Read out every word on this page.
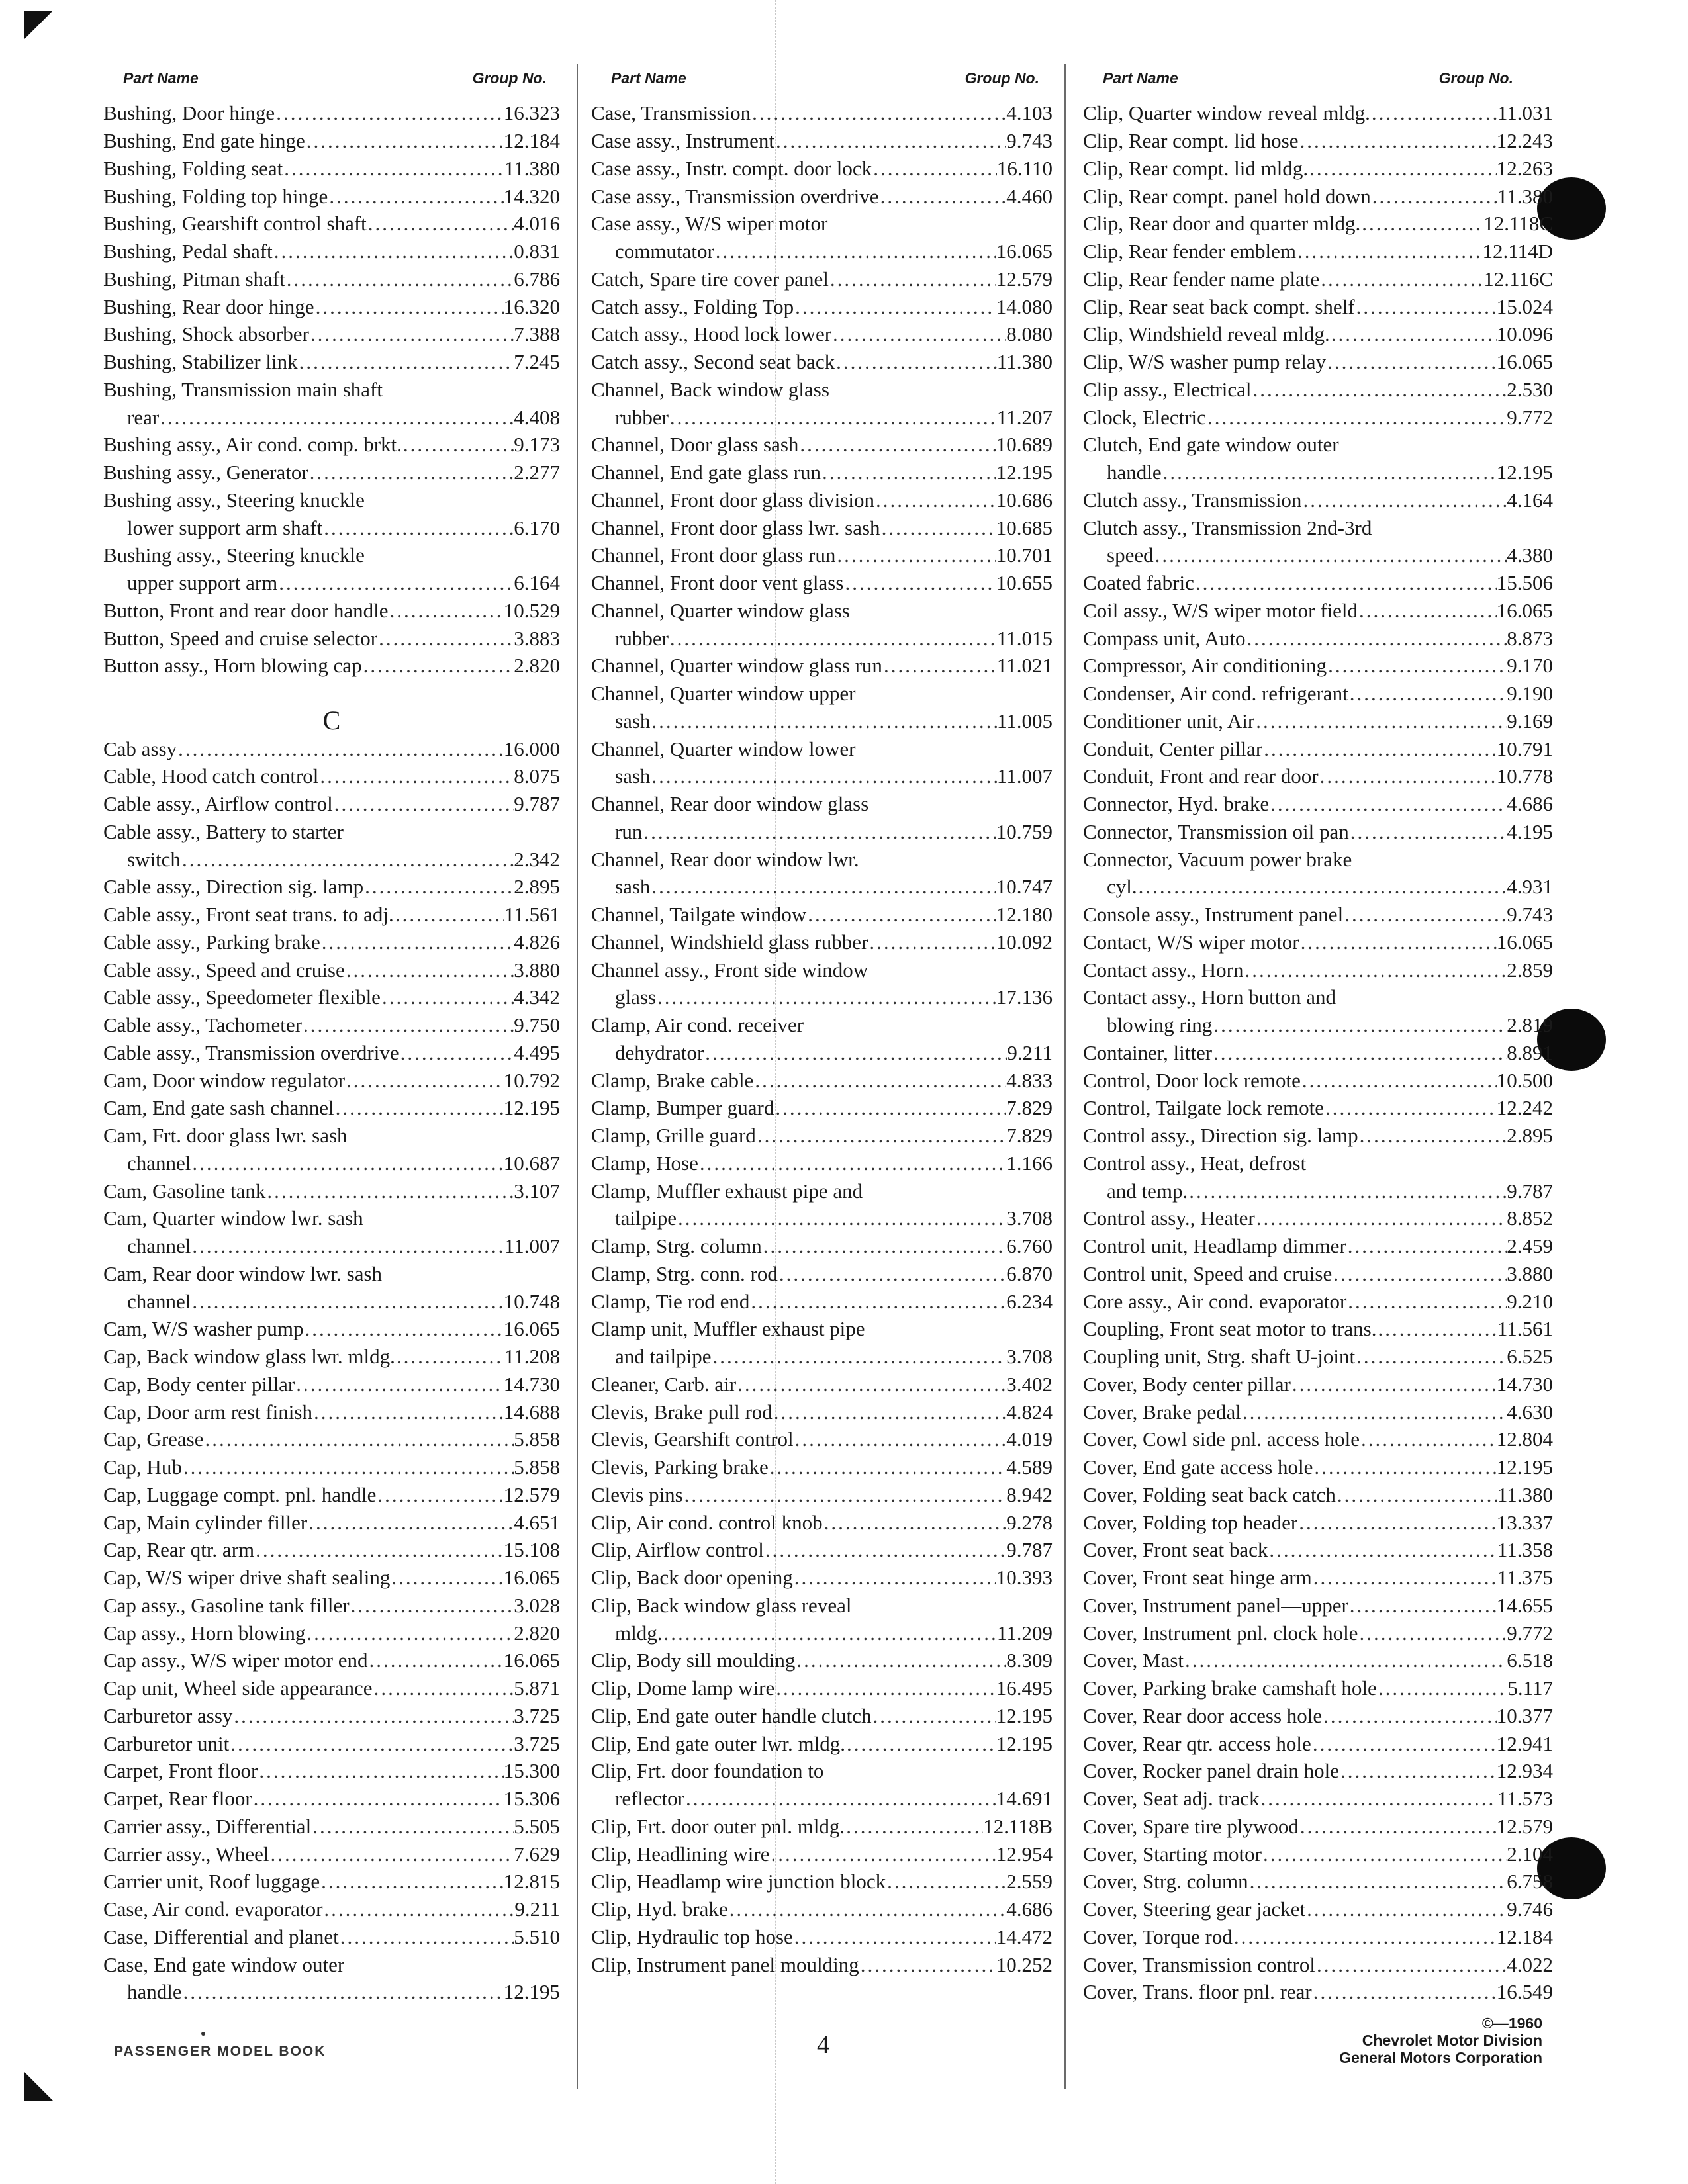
Part Name	Group No.
Bushing, Door hinge .....	16.323
Bushing, End gate hinge .....	12.184
Bushing, Folding seat .....	11.380
Bushing, Folding top hinge .....	14.320
Bushing, Gearshift control shaft .....	4.016
Bushing, Pedal shaft .....	0.831
Bushing, Pitman shaft .....	6.786
Bushing, Rear door hinge .....	16.320
Bushing, Shock absorber .....	7.388
Bushing, Stabilizer link .....	7.245
Bushing, Transmission main shaft
rear .....	4.408
Bushing assy., Air cond. comp. brkt. .....	9.173
Bushing assy., Generator .....	2.277
Bushing assy., Steering knuckle
lower support arm shaft .....	6.170
Bushing assy., Steering knuckle
upper support arm .....	6.164
Button, Front and rear door handle .....	10.529
Button, Speed and cruise selector .....	3.883
Button assy., Horn blowing cap .....	2.820
C
Cab assy .....	16.000
Cable, Hood catch control .....	8.075
Cable assy., Airflow control .....	9.787
Cable assy., Battery to starter
switch .....	2.342
Cable assy., Direction sig. lamp .....	2.895
Cable assy., Front seat trans. to adj. .....	11.561
Cable assy., Parking brake .....	4.826
Cable assy., Speed and cruise .....	3.880
Cable assy., Speedometer flexible .....	4.342
Cable assy., Tachometer .....	9.750
Cable assy., Transmission overdrive .....	4.495
Cam, Door window regulator .....	10.792
Cam, End gate sash channel .....	12.195
Cam, Frt. door glass lwr. sash
channel .....	10.687
Cam, Gasoline tank .....	3.107
Cam, Quarter window lwr. sash
channel .....	11.007
Cam, Rear door window lwr. sash
channel .....	10.748
Cam, W/S washer pump .....	16.065
Cap, Back window glass lwr. mldg. .....	11.208
Cap, Body center pillar .....	14.730
Cap, Door arm rest finish .....	14.688
Cap, Grease .....	5.858
Cap, Hub .....	5.858
Cap, Luggage compt. pnl. handle .....	12.579
Cap, Main cylinder filler .....	4.651
Cap, Rear qtr. arm .....	15.108
Cap, W/S wiper drive shaft sealing .....	16.065
Cap assy., Gasoline tank filler .....	3.028
Cap assy., Horn blowing .....	2.820
Cap assy., W/S wiper motor end .....	16.065
Cap unit, Wheel side appearance .....	5.871
Carburetor assy .....	3.725
Carburetor unit .....	3.725
Carpet, Front floor .....	15.300
Carpet, Rear floor .....	15.306
Carrier assy., Differential .....	5.505
Carrier assy., Wheel .....	7.629
Carrier unit, Roof luggage .....	12.815
Case, Air cond. evaporator .....	9.211
Case, Differential and planet .....	5.510
Case, End gate window outer
handle .....	12.195
Part Name	Group No.
Case, Transmission .....	4.103
Case assy., Instrument .....	9.743
Case assy., Instr. compt. door lock .....	16.110
Case assy., Transmission overdrive .....	4.460
Case assy., W/S wiper motor
commutator .....	16.065
Catch, Spare tire cover panel .....	12.579
Catch assy., Folding Top .....	14.080
Catch assy., Hood lock lower .....	8.080
Catch assy., Second seat back .....	11.380
Channel, Back window glass
rubber .....	11.207
Channel, Door glass sash .....	10.689
Channel, End gate glass run .....	12.195
Channel, Front door glass division .....	10.686
Channel, Front door glass lwr. sash .....	10.685
Channel, Front door glass run .....	10.701
Channel, Front door vent glass .....	10.655
Channel, Quarter window glass
rubber .....	11.015
Channel, Quarter window glass run .....	11.021
Channel, Quarter window upper
sash .....	11.005
Channel, Quarter window lower
sash .....	11.007
Channel, Rear door window glass
run .....	10.759
Channel, Rear door window lwr.
sash .....	10.747
Channel, Tailgate window .....	12.180
Channel, Windshield glass rubber .....	10.092
Channel assy., Front side window
glass .....	17.136
Clamp, Air cond. receiver
dehydrator .....	9.211
Clamp, Brake cable .....	4.833
Clamp, Bumper guard .....	7.829
Clamp, Grille guard .....	7.829
Clamp, Hose .....	1.166
Clamp, Muffler exhaust pipe and
tailpipe .....	3.708
Clamp, Strg. column .....	6.760
Clamp, Strg. conn. rod .....	6.870
Clamp, Tie rod end .....	6.234
Clamp unit, Muffler exhaust pipe
and tailpipe .....	3.708
Cleaner, Carb. air .....	3.402
Clevis, Brake pull rod .....	4.824
Clevis, Gearshift control .....	4.019
Clevis, Parking brake .....	4.589
Clevis pins .....	8.942
Clip, Air cond. control knob .....	9.278
Clip, Airflow control .....	9.787
Clip, Back door opening .....	10.393
Clip, Back window glass reveal
mldg. .....	11.209
Clip, Body sill moulding .....	8.309
Clip, Dome lamp wire .....	16.495
Clip, End gate outer handle clutch .....	12.195
Clip, End gate outer lwr. mldg. .....	12.195
Clip, Frt. door foundation to
reflector .....	14.691
Clip, Frt. door outer pnl. mldg. .....	12.118B
Clip, Headlining wire .....	12.954
Clip, Headlamp wire junction block .....	2.559
Clip, Hyd. brake .....	4.686
Clip, Hydraulic top hose .....	14.472
Clip, Instrument panel moulding .....	10.252
Part Name	Group No.
Clip, Quarter window reveal mldg. .....	11.031
Clip, Rear compt. lid hose .....	12.243
Clip, Rear compt. lid mldg. .....	12.263
Clip, Rear compt. panel hold down .....	11.380
Clip, Rear door and quarter mldg. .....	12.118C
Clip, Rear fender emblem .....	12.114D
Clip, Rear fender name plate .....	12.116C
Clip, Rear seat back compt. shelf .....	15.024
Clip, Windshield reveal mldg. .....	10.096
Clip, W/S washer pump relay .....	16.065
Clip assy., Electrical .....	2.530
Clock, Electric .....	9.772
Clutch, End gate window outer
handle .....	12.195
Clutch assy., Transmission .....	4.164
Clutch assy., Transmission 2nd-3rd
speed .....	4.380
Coated fabric .....	15.506
Coil assy., W/S wiper motor field .....	16.065
Compass unit, Auto .....	8.873
Compressor, Air conditioning .....	9.170
Condenser, Air cond. refrigerant .....	9.190
Conditioner unit, Air .....	9.169
Conduit, Center pillar .....	10.791
Conduit, Front and rear door .....	10.778
Connector, Hyd. brake .....	4.686
Connector, Transmission oil pan .....	4.195
Connector, Vacuum power brake
cyl. .....	4.931
Console assy., Instrument panel .....	9.743
Contact, W/S wiper motor .....	16.065
Contact assy., Horn .....	2.859
Contact assy., Horn button and
blowing ring .....	2.819
Container, litter .....	8.891
Control, Door lock remote .....	10.500
Control, Tailgate lock remote .....	12.242
Control assy., Direction sig. lamp .....	2.895
Control assy., Heat, defrost
and temp. .....	9.787
Control assy., Heater .....	8.852
Control unit, Headlamp dimmer .....	2.459
Control unit, Speed and cruise .....	3.880
Core assy., Air cond. evaporator .....	9.210
Coupling, Front seat motor to trans. .....	11.561
Coupling unit, Strg. shaft U-joint .....	6.525
Cover, Body center pillar .....	14.730
Cover, Brake pedal .....	4.630
Cover, Cowl side pnl. access hole .....	12.804
Cover, End gate access hole .....	12.195
Cover, Folding seat back catch .....	11.380
Cover, Folding top header .....	13.337
Cover, Front seat back .....	11.358
Cover, Front seat hinge arm .....	11.375
Cover, Instrument panel—upper .....	14.655
Cover, Instrument pnl. clock hole .....	9.772
Cover, Mast .....	6.518
Cover, Parking brake camshaft hole .....	5.117
Cover, Rear door access hole .....	10.377
Cover, Rear qtr. access hole .....	12.941
Cover, Rocker panel drain hole .....	12.934
Cover, Seat adj. track .....	11.573
Cover, Spare tire plywood .....	12.579
Cover, Starting motor .....	2.104
Cover, Strg. column .....	6.758
Cover, Steering gear jacket .....	9.746
Cover, Torque rod .....	12.184
Cover, Transmission control .....	4.022
Cover, Trans. floor pnl. rear .....	16.549
PASSENGER MODEL BOOK	4
©—1960
Chevrolet Motor Division
General Motors Corporation
